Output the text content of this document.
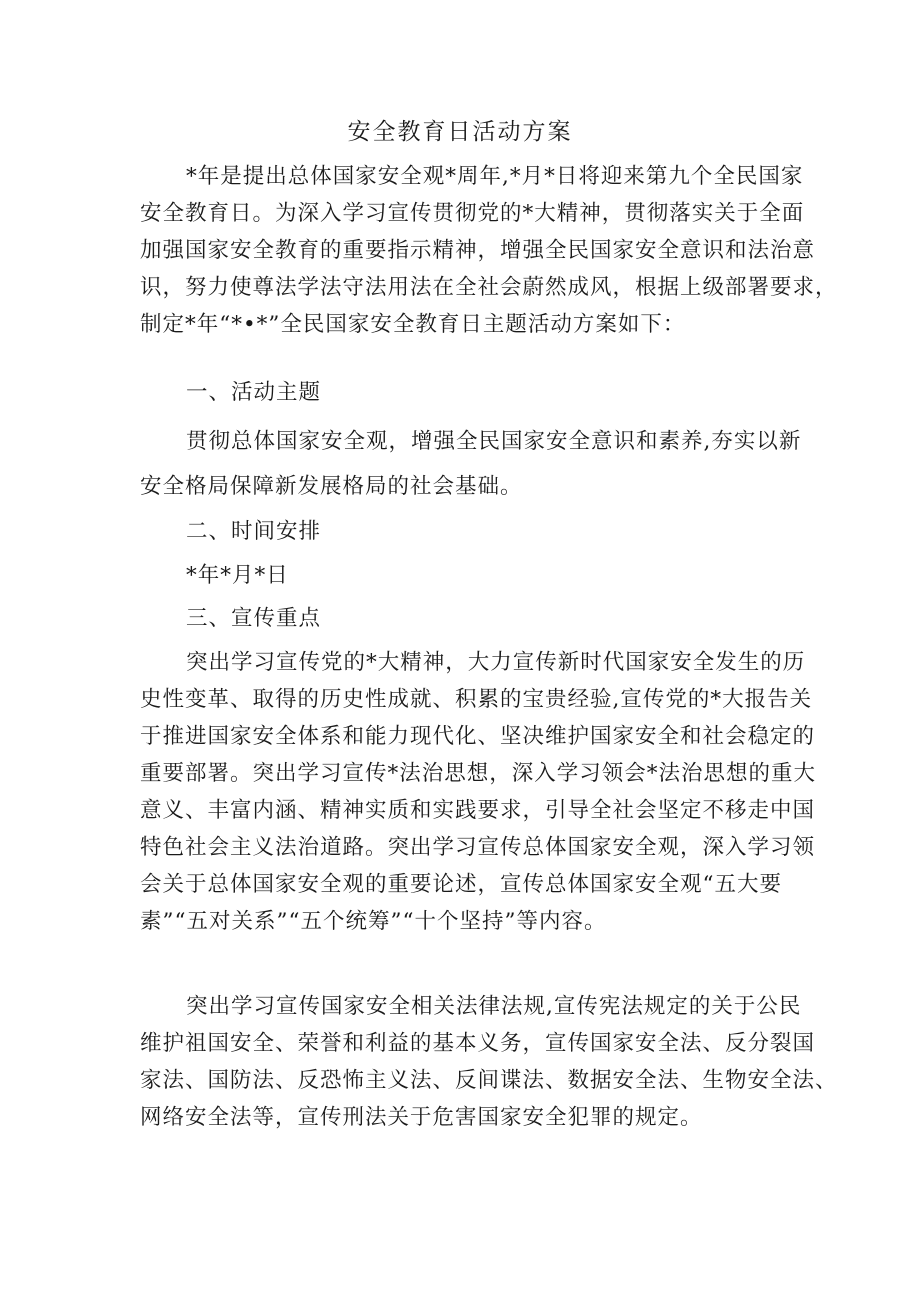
安全教育日活动方案
*年是提出总体国家安全观*周年,*月*日将迎来第九个全民国家
安全教育日。为深入学习宣传贯彻党的*大精神，贯彻落实关于全面
加强国家安全教育的重要指示精神，增强全民国家安全意识和法治意
识，努力使尊法学法守法用法在全社会蔚然成风，根据上级部署要求，
制定*年“*•*”全民国家安全教育日主题活动方案如下：
一、活动主题
贯彻总体国家安全观，增强全民国家安全意识和素养,夯实以新
安全格局保障新发展格局的社会基础。
二、时间安排
*年*月*日
三、宣传重点
突出学习宣传党的*大精神，大力宣传新时代国家安全发生的历
史性变革、取得的历史性成就、积累的宝贵经验,宣传党的*大报告关
于推进国家安全体系和能力现代化、坚决维护国家安全和社会稳定的
重要部署。突出学习宣传*法治思想，深入学习领会*法治思想的重大
意义、丰富内涵、精神实质和实践要求，引导全社会坚定不移走中国
特色社会主义法治道路。突出学习宣传总体国家安全观，深入学习领
会关于总体国家安全观的重要论述，宣传总体国家安全观“五大要
素”“五对关系”“五个统筹”“十个坚持”等内容。
突出学习宣传国家安全相关法律法规,宣传宪法规定的关于公民
维护祖国安全、荣誉和利益的基本义务，宣传国家安全法、反分裂国
家法、国防法、反恐怖主义法、反间谍法、数据安全法、生物安全法、
网络安全法等，宣传刑法关于危害国家安全犯罪的规定。
